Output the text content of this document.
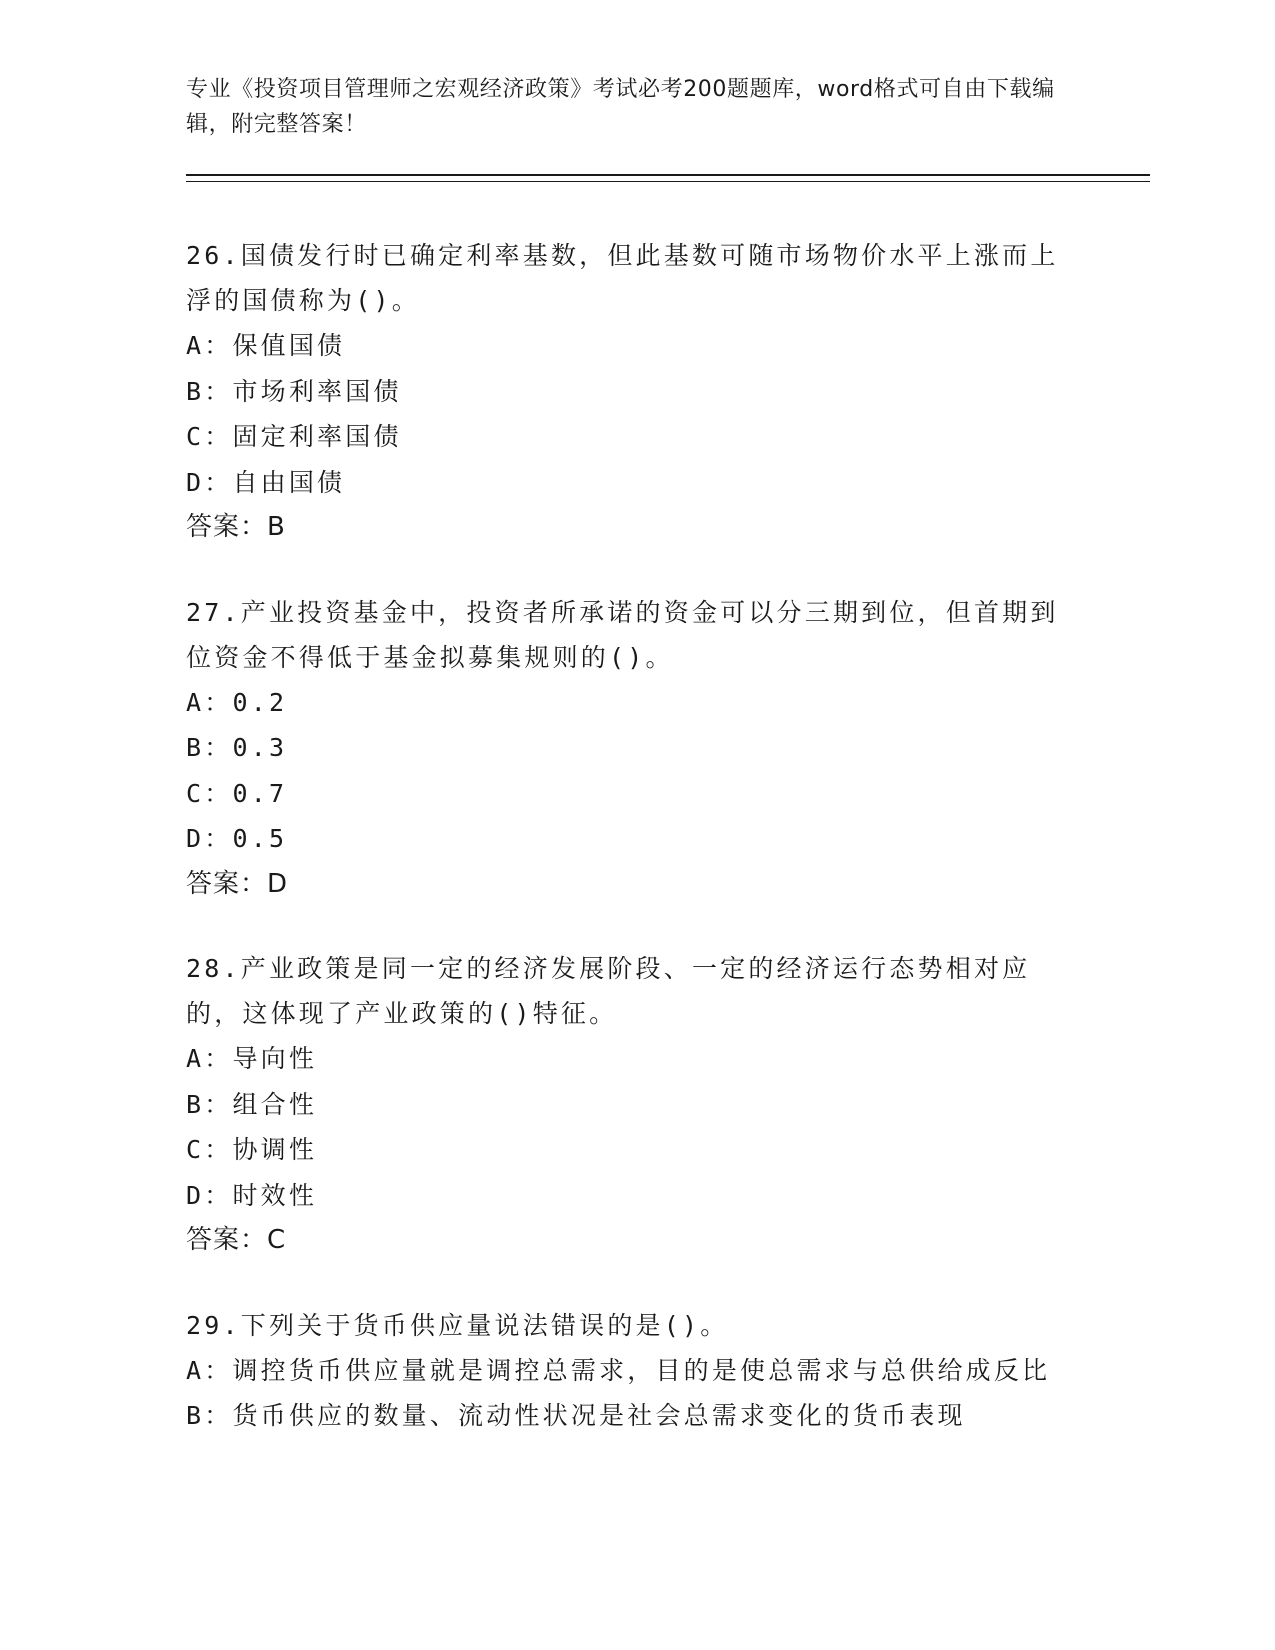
专业《投资项目管理师之宏观经济政策》考试必考200题题库，word格式可自由下载编辑，附完整答案！
26.国债发行时已确定利率基数，但此基数可随市场物价水平上涨而上浮的国债称为()。
A：保值国债
B：市场利率国债
C：固定利率国债
D：自由国债
答案：B
27.产业投资基金中，投资者所承诺的资金可以分三期到位，但首期到位资金不得低于基金拟募集规则的()。
A：0.2
B：0.3
C：0.7
D：0.5
答案：D
28.产业政策是同一定的经济发展阶段、一定的经济运行态势相对应的，这体现了产业政策的()特征。
A：导向性
B：组合性
C：协调性
D：时效性
答案：C
29.下列关于货币供应量说法错误的是()。
A：调控货币供应量就是调控总需求，目的是使总需求与总供给成反比
B：货币供应的数量、流动性状况是社会总需求变化的货币表现
